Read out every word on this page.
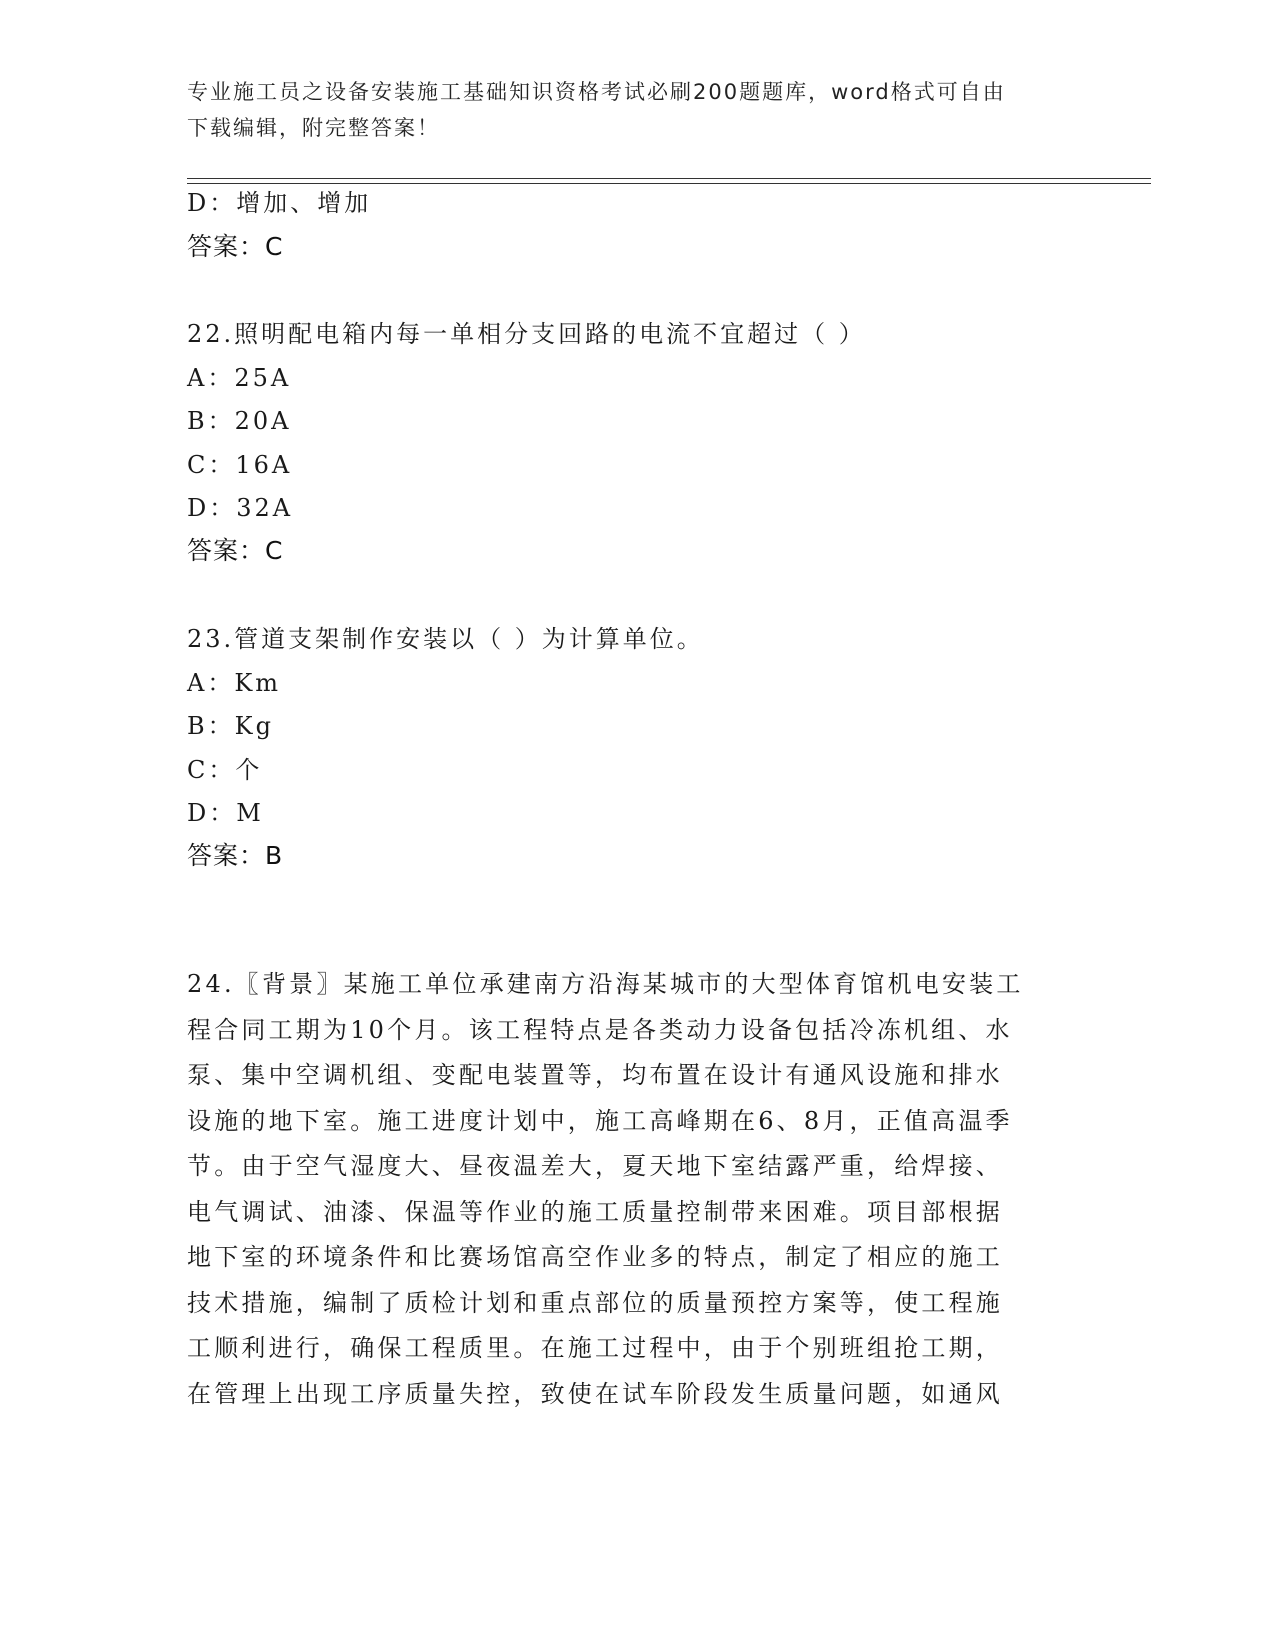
专业施工员之设备安装施工基础知识资格考试必刷200题题库，word格式可自由
下载编辑，附完整答案！
D：增加、增加
答案：C
22.照明配电箱内每一单相分支回路的电流不宜超过（ ）
A：25A
B：20A
C：16A
D：32A
答案：C
23.管道支架制作安装以（ ）为计算单位。
A：Km
B：Kg
C：个
D：M
答案：B
24.〖背景〗某施工单位承建南方沿海某城市的大型体育馆机电安装工
程合同工期为10个月。该工程特点是各类动力设备包括冷冻机组、水
泵、集中空调机组、变配电装置等，均布置在设计有通风设施和排水
设施的地下室。施工进度计划中，施工高峰期在6、8月，正值高温季
节。由于空气湿度大、昼夜温差大，夏天地下室结露严重，给焊接、
电气调试、油漆、保温等作业的施工质量控制带来困难。项目部根据
地下室的环境条件和比赛场馆高空作业多的特点，制定了相应的施工
技术措施，编制了质检计划和重点部位的质量预控方案等，使工程施
工顺利进行，确保工程质里。在施工过程中，由于个别班组抢工期，
在管理上出现工序质量失控，致使在试车阶段发生质量问题，如通风
